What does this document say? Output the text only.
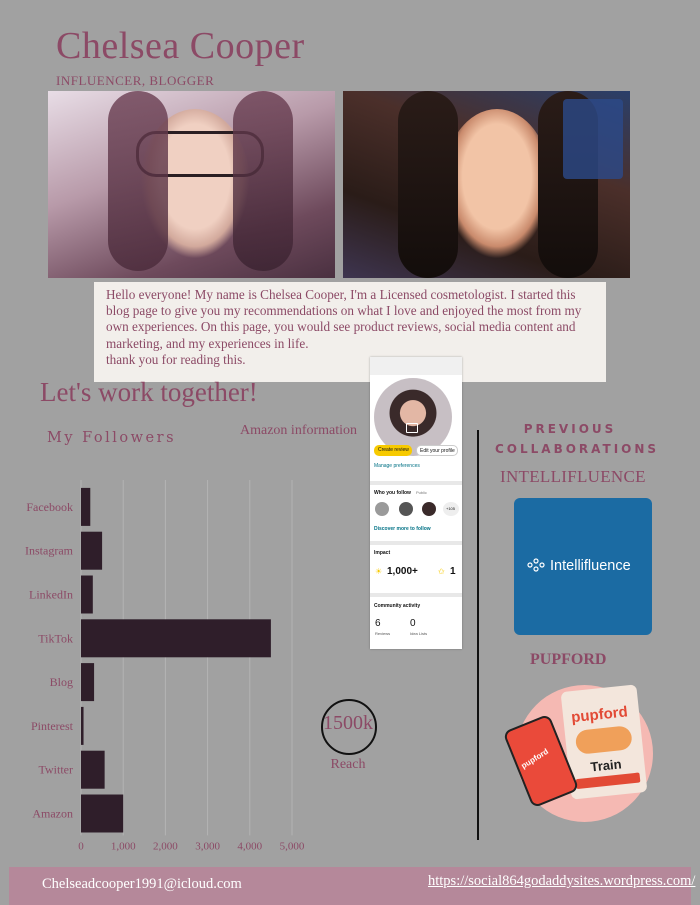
Chelsea Cooper
INFLUENCER, BLOGGER

Hello everyone! My name is Chelsea Cooper, I'm a Licensed cosmetologist. I started this

blog page to give you my recommendations on what I love and enjoyed the most from my

own experiences. On this page, you would see product reviews, social media content and

marketing, and my experiences in life.

thank you for reading this.

Let's work together!
My Followers	Amazon information
0 1,000 2,000 3,000 4,000 5,000
Facebook
Instagram
LinkedIn
TikTok
Blog
Pinterest
Twitter
Amazon
1500k
Reach
Create review Edit your profile
Manage preferences
Who you follow Public
+105
Discover more to follow
Impact
☀ 1,000+	✩ 1
Community activity
6
Reviews
0
Idea Lists
PREVIOUS
COLLABORATIONS
INTELLIFLUENCE
Intellifluence
PUPFORD
pupford
Train
pupford
Chelseadcooper1991@icloud.com	https://social864godaddysites.wordpress.com/
